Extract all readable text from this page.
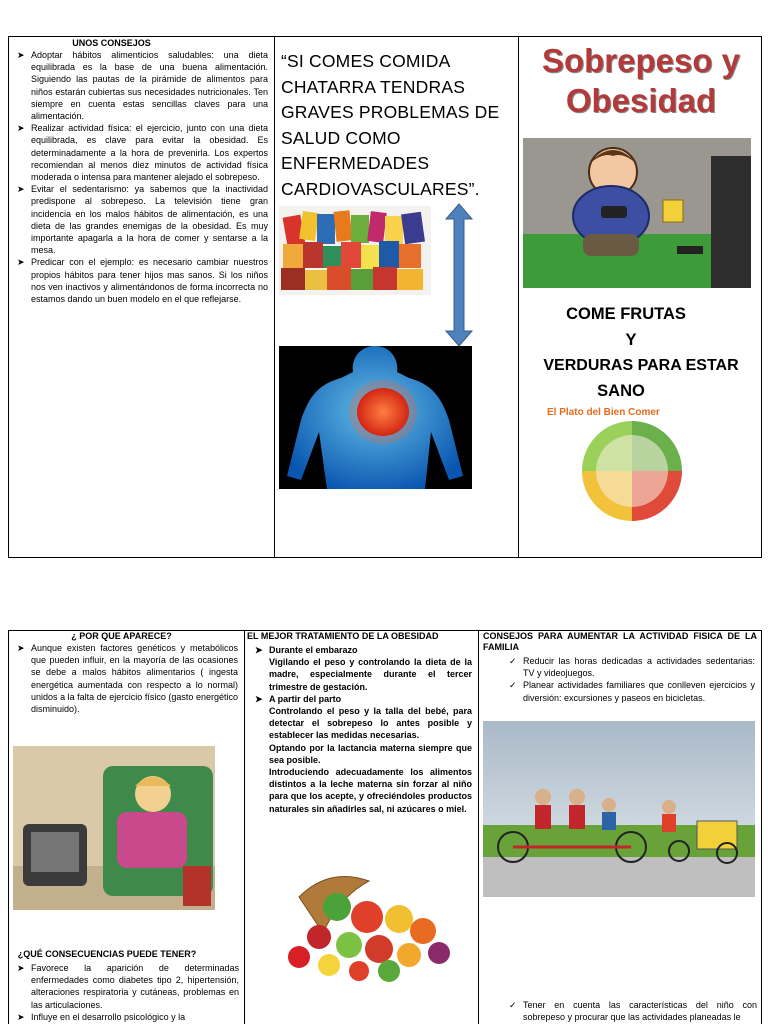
UNOS CONSEJOS
➤ Adoptar hábitos alimenticios saludables: una dieta equilibrada es la base de una buena alimentación. Siguiendo las pautas de la pirámide de alimentos para niños estarán cubiertas sus necesidades nutricionales. Ten siempre en cuenta estas sencillas claves para una alimentación.
➤ Realizar actividad física: el ejercicio, junto con una dieta equilibrada, es clave para evitar la obesidad. Es determinadamente a la hora de prevenirla. Los expertos recomiendan al menos diez minutos de actividad física moderada o intensa para mantener alejado el sobrepeso.
➤ Evitar el sedentarismo: ya sabemos que la inactividad predispone al sobrepeso. La televisión tiene gran incidencia en los malos hábitos de alimentación, es una dieta de las grandes enemigas de la obesidad. Es muy importante apagarla a la hora de comer y sentarse a la mesa.
➤ Predicar con el ejemplo: es necesario cambiar nuestros propios hábitos para tener hijos mas sanos. Si los niños nos ven inactivos y alimentándonos de forma incorrecta no estamos dando un buen modelo en el que reflejarse.
“SI COMES COMIDA CHATARRA TENDRAS GRAVES PROBLEMAS DE SALUD COMO ENFERMEDADES CARDIOVASCULARES”.
Sobrepeso y Obesidad
COME FRUTAS
Y
VERDURAS PARA ESTAR
SANO
El Plato del Bien Comer
¿ POR QUE APARECE?
➤ Aunque existen factores genéticos y metabólicos que pueden influir, en la mayoría de las ocasiones se debe a malos hábitos alimentarios ( ingesta energética aumentada con respecto a lo normal) unidos a la falta de ejercicio físico (gasto energético disminuido).
¿QUÉ CONSECUENCIAS PUEDE TENER?
➤ Favorece la aparición de determinadas enfermedades como diabetes tipo 2, hipertensión, alteraciones respiratoria y cutáneas, problemas en las articulaciones.
➤ Influye en el desarrollo psicológico y la
EL MEJOR TRATAMIENTO DE LA OBESIDAD
➤ Durante el embarazo
Vigilando el peso y controlando la dieta de la madre, especialmente durante el tercer trimestre de gestación.
➤ A partir del parto
Controlando el peso y la talla del bebé, para detectar el sobrepeso lo antes posible y establecer las medidas necesarias.
Optando por la lactancia materna siempre que sea posible.
Introduciendo adecuadamente los alimentos distintos a la leche materna sin forzar al niño para que los acepte, y ofreciéndoles productos naturales sin añadirles sal, ni azúcares o miel.
CONSEJOS PARA AUMENTAR LA ACTIVIDAD FISICA DE LA FAMILIA
✓ Reducir las horas dedicadas a actividades sedentarias: TV y videojuegos.
✓ Planear actividades familiares que conlleven ejercicios y diversión: excursiones y paseos en bicicletas.
✓ Tener en cuenta las características del niño con sobrepeso y procurar que las actividades planeadas le
